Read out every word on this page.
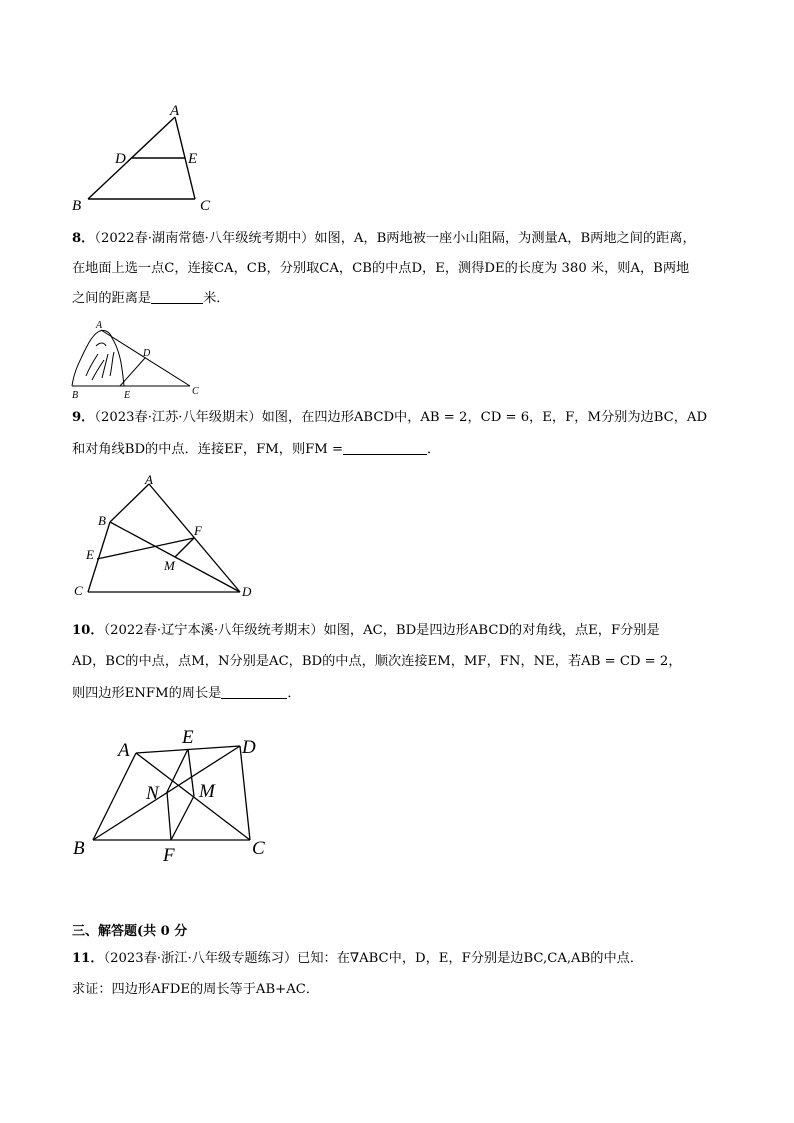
A
D	E
B	C
8．（2022春·湖南常德·八年级统考期中）如图，A，B两地被一座小山阻隔，为测量A，B两地之间的距离，
在地面上选一点C，连接CA，CB，分别取CA，CB的中点D，E，测得DE的长度为 380 米，则A，B两地
之间的距离是	米．
A
D
B	E	C
9．（2023春·江苏·八年级期末）如图，在四边形ABCD中，AB = 2，CD = 6，E，F，M分别为边BC，AD
和对角线BD的中点．连接EF，FM，则FM =	．
A
B
F
E
M
C	D
10．（2022春·辽宁本溪·八年级统考期末）如图，AC，BD是四边形ABCD的对角线，点E，F分别是
AD，BC的中点，点M，N分别是AC，BD的中点，顺次连接EM，MF，FN，NE，若AB = CD = 2，
则四边形ENFM的周长是	．
A
E	D
N M
B	F	C
三、解答题(共 0 分
11．（2023春·浙江·八年级专题练习）已知：在∇ABC中，D，E，F分别是边BC,CA,AB的中点．
求证：四边形AFDE的周长等于AB+AC．
